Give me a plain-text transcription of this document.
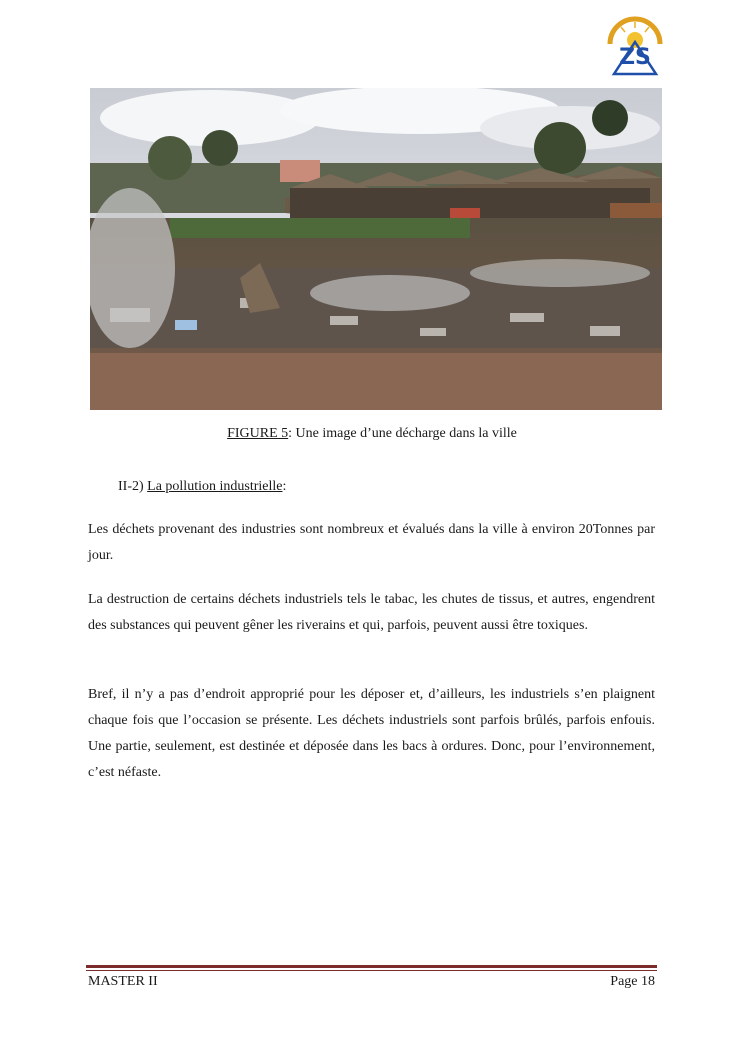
ZS
FIGURE 5: Une image d’une décharge dans la ville
II-2) La pollution industrielle:

Les déchets provenant des industries sont nombreux et évalués dans la ville à environ 20Tonnes par jour.

La destruction de certains déchets industriels tels le tabac, les chutes de tissus, et autres, engendrent des substances qui peuvent gêner les riverains et qui, parfois, peuvent aussi être toxiques.

Bref, il n’y a pas d’endroit approprié pour les déposer et, d’ailleurs, les industriels s’en plaignent chaque fois que l’occasion se présente. Les déchets industriels sont parfois brûlés, parfois enfouis. Une partie, seulement, est destinée et déposée dans les bacs à ordures. Donc, pour l’environnement, c’est néfaste.

MASTER II	Page 18
